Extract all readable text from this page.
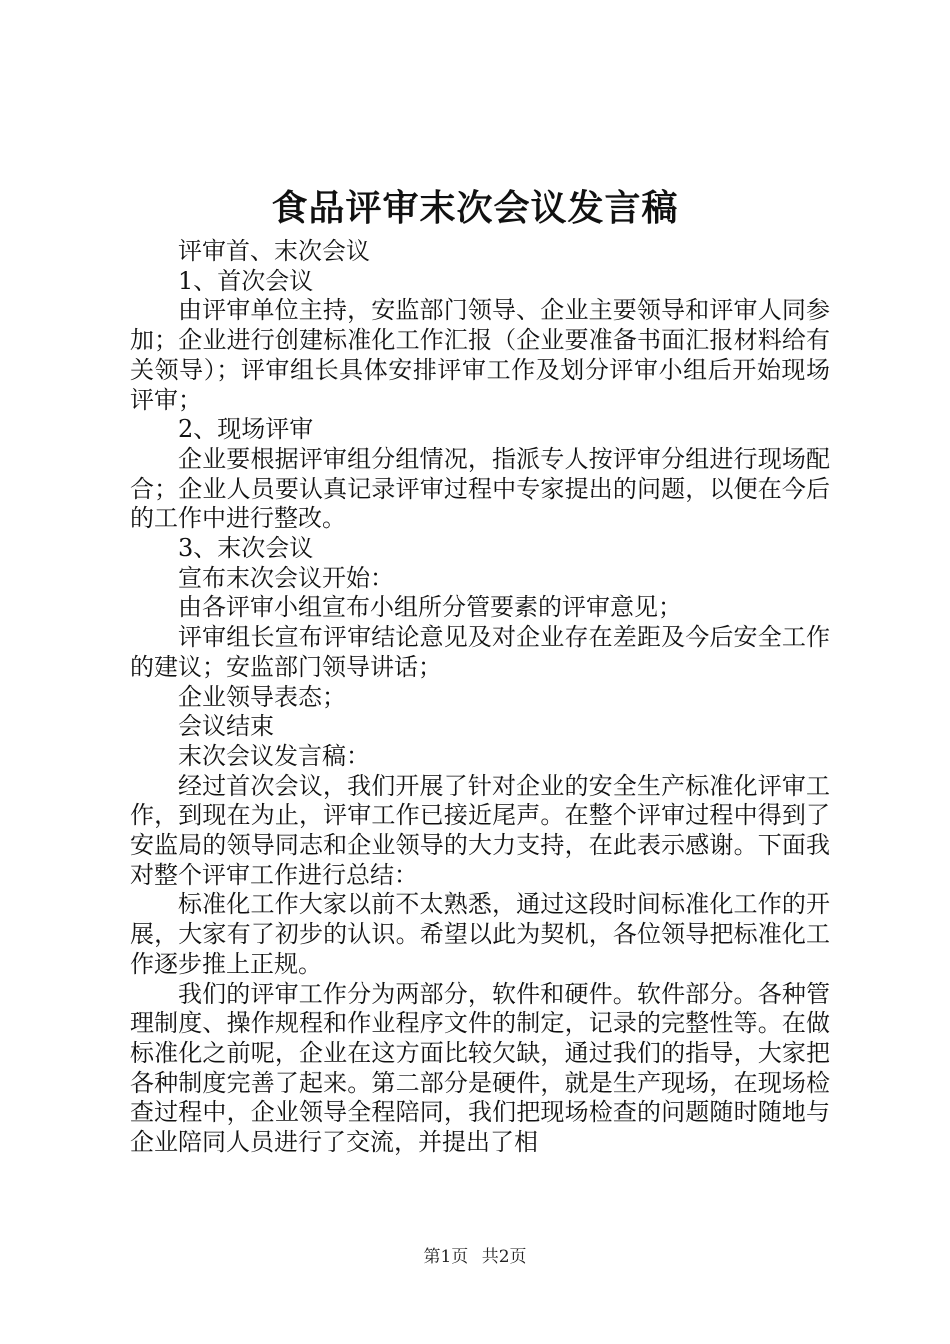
食品评审末次会议发言稿

评审首、末次会议

1、首次会议

由评审单位主持，安监部门领导、企业主要领导和评审人同参加；企业进行创建标准化工作汇报（企业要准备书面汇报材料给有关领导）；评审组长具体安排评审工作及划分评审小组后开始现场评审；

2、现场评审

企业要根据评审组分组情况，指派专人按评审分组进行现场配合；企业人员要认真记录评审过程中专家提出的问题，以便在今后的工作中进行整改。

3、末次会议

宣布末次会议开始：

由各评审小组宣布小组所分管要素的评审意见；

评审组长宣布评审结论意见及对企业存在差距及今后安全工作的建议；安监部门领导讲话；

企业领导表态；

会议结束

末次会议发言稿：

经过首次会议，我们开展了针对企业的安全生产标准化评审工作，到现在为止，评审工作已接近尾声。在整个评审过程中得到了安监局的领导同志和企业领导的大力支持，在此表示感谢。下面我对整个评审工作进行总结：

标准化工作大家以前不太熟悉，通过这段时间标准化工作的开展，大家有了初步的认识。希望以此为契机，各位领导把标准化工作逐步推上正规。

我们的评审工作分为两部分，软件和硬件。软件部分。各种管理制度、操作规程和作业程序文件的制定，记录的完整性等。在做标准化之前呢，企业在这方面比较欠缺，通过我们的指导，大家把各种制度完善了起来。第二部分是硬件，就是生产现场，在现场检查过程中，企业领导全程陪同，我们把现场检查的问题随时随地与企业陪同人员进行了交流，并提出了相

第1页 共2页
